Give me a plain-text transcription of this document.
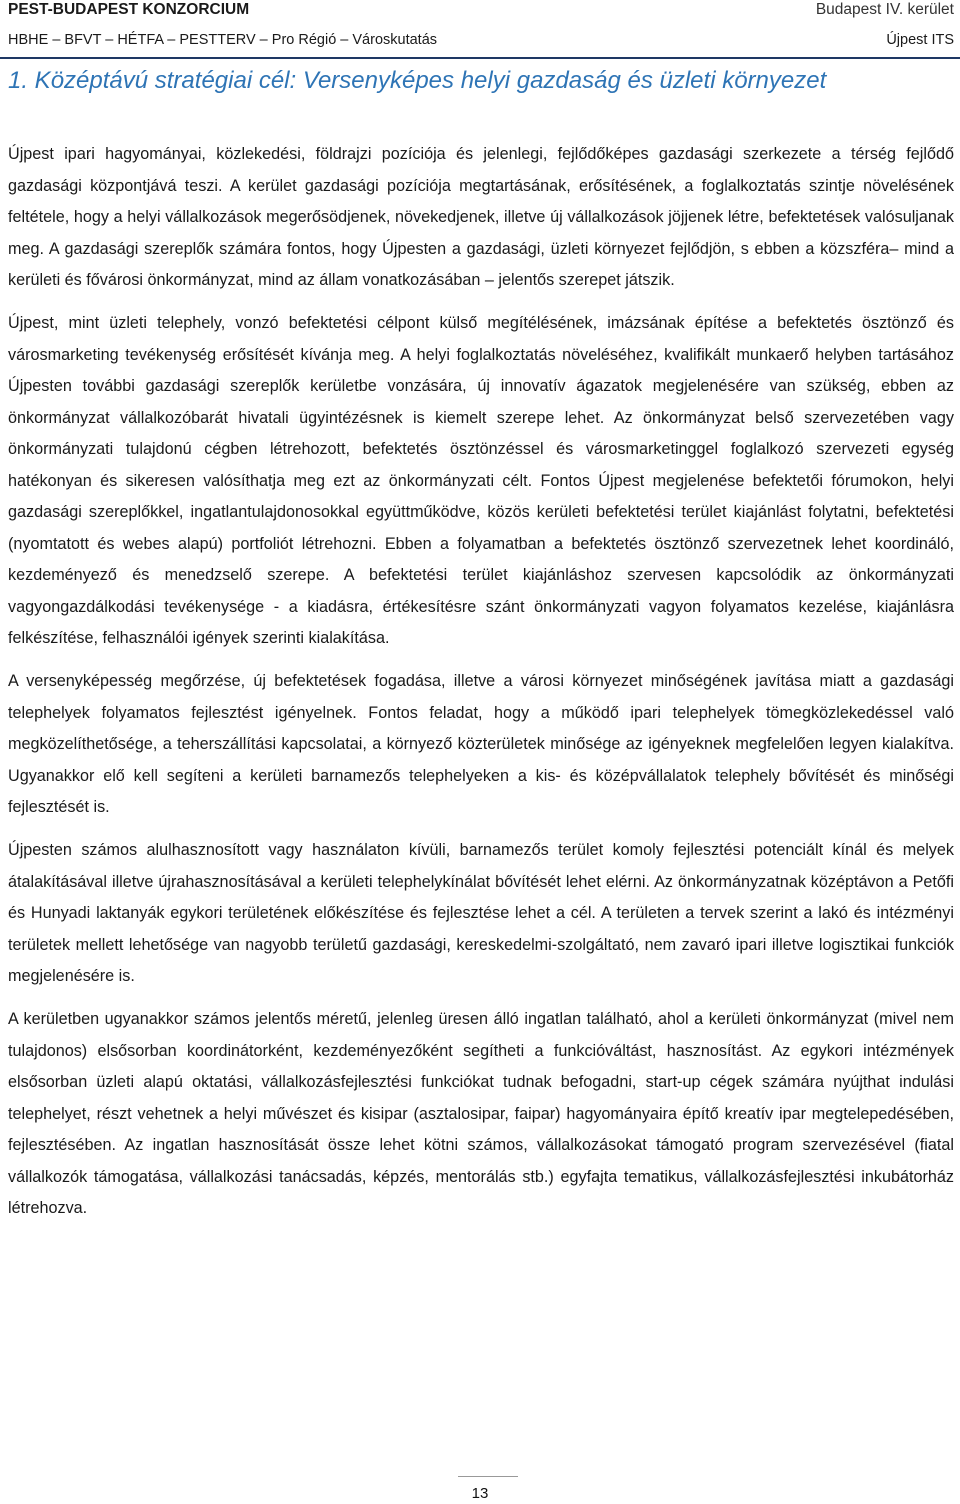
PEST-BUDAPEST KONZORCIUM	Budapest IV. kerület
HBHE – BFVT – HÉTFA – PESTTERV – Pro Régió – Városkutatás	Újpest ITS
1. Középtávú stratégiai cél: Versenyképes helyi gazdaság és üzleti környezet

Újpest ipari hagyományai, közlekedési, földrajzi pozíciója és jelenlegi, fejlődőképes gazdasági szerkezete a térség fejlődő gazdasági központjává teszi. A kerület gazdasági pozíciója megtartásának, erősítésének, a foglalkoztatás szintje növelésének feltétele, hogy a helyi vállalkozások megerősödjenek, növekedjenek, illetve új vállalkozások jöjjenek létre, befektetések valósuljanak meg. A gazdasági szereplők számára fontos, hogy Újpesten a gazdasági, üzleti környezet fejlődjön, s ebben a közszféra– mind a kerületi és fővárosi önkormányzat, mind az állam vonatkozásában – jelentős szerepet játszik.

Újpest, mint üzleti telephely, vonzó befektetési célpont külső megítélésének, imázsának építése a befektetés ösztönző és városmarketing tevékenység erősítését kívánja meg. A helyi foglalkoztatás növeléséhez, kvalifikált munkaerő helyben tartásához Újpesten további gazdasági szereplők kerületbe vonzására, új innovatív ágazatok megjelenésére van szükség, ebben az önkormányzat vállalkozóbarát hivatali ügyintézésnek is kiemelt szerepe lehet. Az önkormányzat belső szervezetében vagy önkormányzati tulajdonú cégben létrehozott, befektetés ösztönzéssel és városmarketinggel foglalkozó szervezeti egység hatékonyan és sikeresen valósíthatja meg ezt az önkormányzati célt. Fontos Újpest megjelenése befektetői fórumokon, helyi gazdasági szereplőkkel, ingatlantulajdonosokkal együttműködve, közös kerületi befektetési terület kiajánlást folytatni, befektetési (nyomtatott és webes alapú) portfoliót létrehozni. Ebben a folyamatban a befektetés ösztönző szervezetnek lehet koordináló, kezdeményező és menedzselő szerepe. A befektetési terület kiajánláshoz szervesen kapcsolódik az önkormányzati vagyongazdálkodási tevékenysége - a kiadásra, értékesítésre szánt önkormányzati vagyon folyamatos kezelése, kiajánlásra felkészítése, felhasználói igények szerinti kialakítása.

A versenyképesség megőrzése, új befektetések fogadása, illetve a városi környezet minőségének javítása miatt a gazdasági telephelyek folyamatos fejlesztést igényelnek. Fontos feladat, hogy a működő ipari telephelyek tömegközlekedéssel való megközelíthetősége, a teherszállítási kapcsolatai, a környező közterületek minősége az igényeknek megfelelően legyen kialakítva. Ugyanakkor elő kell segíteni a kerületi barnamezős telephelyeken a kis- és középvállalatok telephely bővítését és minőségi fejlesztését is.

Újpesten számos alulhasznosított vagy használaton kívüli, barnamezős terület komoly fejlesztési potenciált kínál és melyek átalakításával illetve újrahasznosításával a kerületi telephelykínálat bővítését lehet elérni. Az önkormányzatnak középtávon a Petőfi és Hunyadi laktanyák egykori területének előkészítése és fejlesztése lehet a cél. A területen a tervek szerint a lakó és intézményi területek mellett lehetősége van nagyobb területű gazdasági, kereskedelmi-szolgáltató, nem zavaró ipari illetve logisztikai funkciók megjelenésére is.

A kerületben ugyanakkor számos jelentős méretű, jelenleg üresen álló ingatlan található, ahol a kerületi önkormányzat (mivel nem tulajdonos) elsősorban koordinátorként, kezdeményezőként segítheti a funkcióváltást, hasznosítást. Az egykori intézmények elsősorban üzleti alapú oktatási, vállalkozásfejlesztési funkciókat tudnak befogadni, start-up cégek számára nyújthat indulási telephelyet, részt vehetnek a helyi művészet és kisipar (asztalosipar, faipar) hagyományaira építő kreatív ipar megtelepedésében, fejlesztésében. Az ingatlan hasznosítását össze lehet kötni számos, vállalkozásokat támogató program szervezésével (fiatal vállalkozók támogatása, vállalkozási tanácsadás, képzés, mentorálás stb.) egyfajta tematikus, vállalkozásfejlesztési inkubátorház létrehozva.

13
